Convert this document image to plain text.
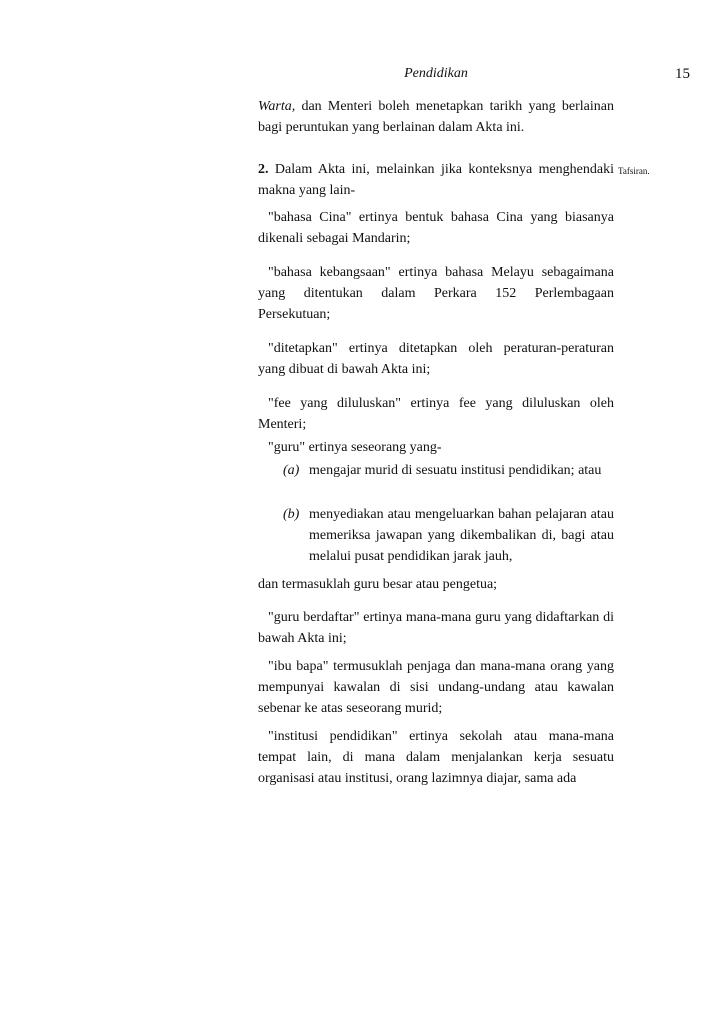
Pendidikan	15
Warta, dan Menteri boleh menetapkan tarikh yang berlainan bagi peruntukan yang berlainan dalam Akta ini.
2. Dalam Akta ini, melainkan jika konteksnya menghendaki makna yang lain-
Tafsiran.
"bahasa Cina" ertinya bentuk bahasa Cina yang biasanya dikenali sebagai Mandarin;
"bahasa kebangsaan" ertinya bahasa Melayu sebagaimana yang ditentukan dalam Perkara 152 Perlembagaan Persekutuan;
"ditetapkan" ertinya ditetapkan oleh peraturan-peraturan yang dibuat di bawah Akta ini;
"fee yang diluluskan" ertinya fee yang diluluskan oleh Menteri;
"guru" ertinya seseorang yang-
(a) mengajar murid di sesuatu institusi pendidikan; atau
(b) menyediakan atau mengeluarkan bahan pelajaran atau memeriksa jawapan yang dikembalikan di, bagi atau melalui pusat pendidikan jarak jauh,
dan termasuklah guru besar atau pengetua;
"guru berdaftar" ertinya mana-mana guru yang didaftarkan di bawah Akta ini;
"ibu bapa" termusuklah penjaga dan mana-mana orang yang mempunyai kawalan di sisi undang-undang atau kawalan sebenar ke atas seseorang murid;
"institusi pendidikan" ertinya sekolah atau mana-mana tempat lain, di mana dalam menjalankan kerja sesuatu organisasi atau institusi, orang lazimnya diajar, sama ada
